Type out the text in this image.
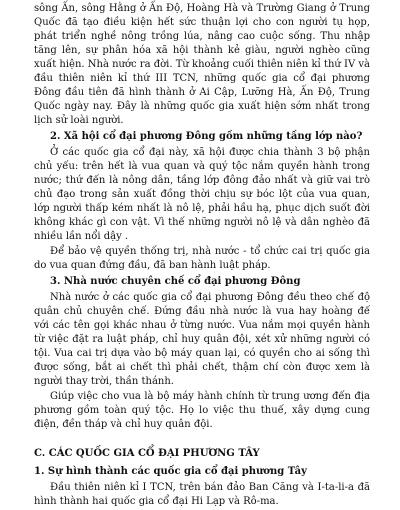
sông Ấn, sông Hằng ở Ấn Độ, Hoàng Hà và Trường Giang ở Trung Quốc đã tạo điều kiện hết sức thuận lợi cho con người tụ họp, phát triển nghề nông trồng lúa, nâng cao cuộc sống. Thu nhập tăng lên, sự phân hóa xã hội thành kẻ giàu, người nghèo cũng xuất hiện. Nhà nước ra đời. Từ khoảng cuối thiên niên kỉ thứ IV và đầu thiên niên kỉ thứ III TCN, những quốc gia cổ đại phương Đông đầu tiên đã hình thành ở Ai Cập, Lưỡng Hà, Ấn Độ, Trung Quốc ngày nay. Đây là những quốc gia xuất hiện sớm nhất trong lịch sử loài người.

2. Xã hội cổ đại phương Đông gồm những tầng lớp nào?

Ở các quốc gia cổ đại này, xã hội được chia thành 3 bộ phận chủ yếu: trên hết là vua quan và quý tộc nắm quyền hành trong nước; thứ đến là nông dân, tầng lớp đông đảo nhất và giữ vai trò chủ đạo trong sản xuất đồng thời chịu sự bóc lột của vua quan, lớp người thấp kém nhất là nô lệ, phải hầu hạ, phục dịch suốt đời không khác gì con vật. Vì thế những người nô lệ và dân nghèo đã nhiều lần nổi dậy .

Để bảo vệ quyền thống trị, nhà nước - tổ chức cai trị quốc gia do vua quan đứng đầu, đã ban hành luật pháp.

3. Nhà nước chuyên chế cổ đại phương Đông

Nhà nước ở các quốc gia cổ đại phương Đông đều theo chế độ quân chủ chuyên chế. Đứng đầu nhà nước là vua hay hoàng đế với các tên gọi khác nhau ở từng nước. Vua nắm mọi quyền hành từ việc đặt ra luật pháp, chỉ huy quân đội, xét xử những người có tội. Vua cai trị dựa vào bộ máy quan lại, có quyền cho ai sống thì được sống, bắt ai chết thì phải chết, thậm chí còn được xem là người thay trời, thần thánh.

Giúp việc cho vua là bộ máy hành chính từ trung ương đến địa phương gồm toàn quý tộc. Họ lo việc thu thuế, xây dựng cung điện, đền tháp và chỉ huy quân đội.

C. CÁC QUỐC GIA CỔ ĐẠI PHƯƠNG TÂY

1. Sự hình thành các quốc gia cổ đại phương Tây

Đầu thiên niên kỉ I TCN, trên bán đảo Ban Căng và I-ta-li-a đã hình thành hai quốc gia cổ đại Hi Lạp và Rô-ma.
